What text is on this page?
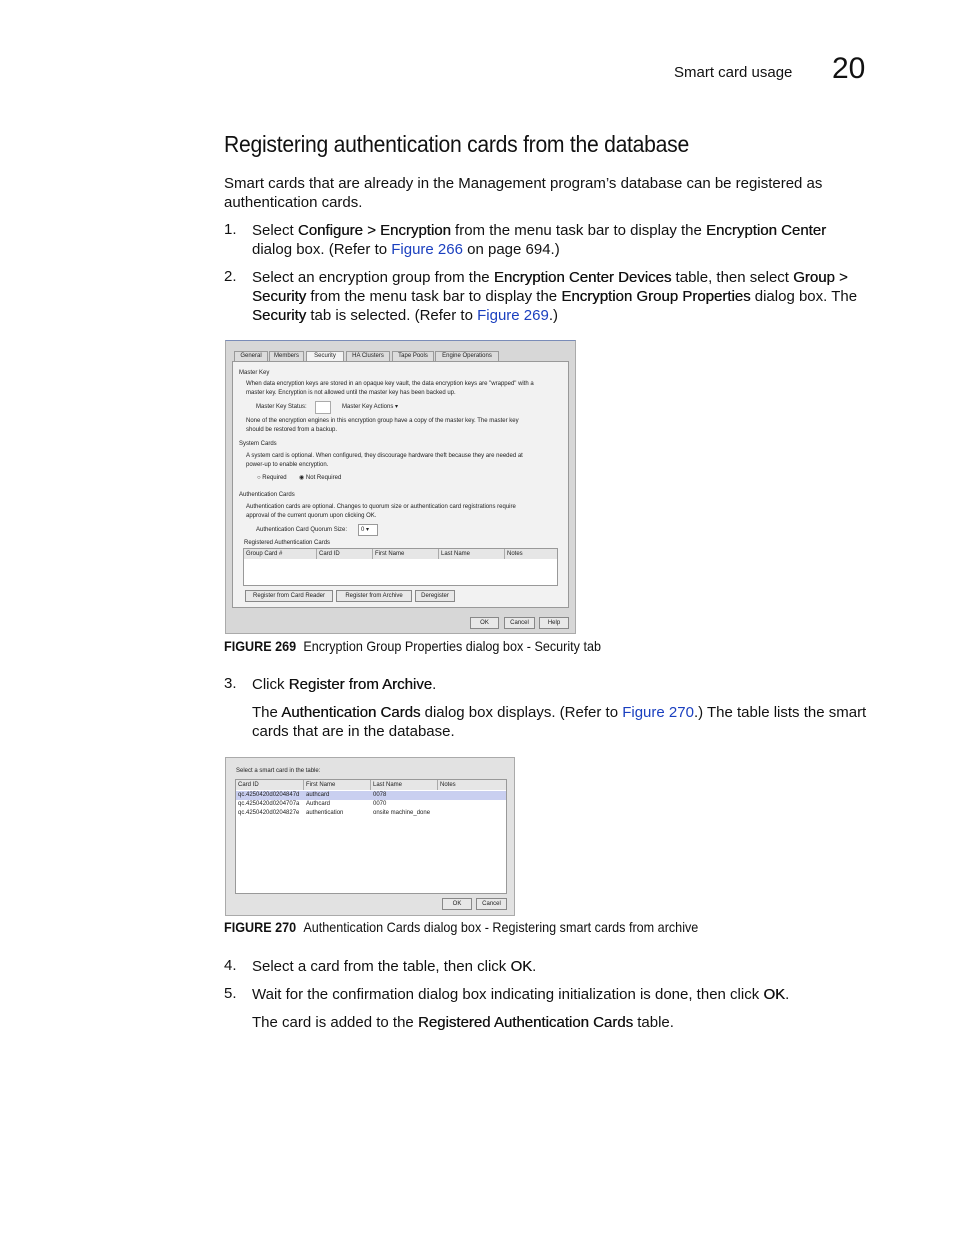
Smart card usage 20
Registering authentication cards from the database
Smart cards that are already in the Management program’s database can be registered as
authentication cards.
1. Select Configure > Encryption from the menu task bar to display the Encryption Center
dialog box. (Refer to Figure 266 on page 694.)
2. Select an encryption group from the Encryption Center Devices table, then select Group >
Security from the menu task bar to display the Encryption Group Properties dialog box. The
Security tab is selected. (Refer to Figure 269.)
General	Members	Security	HA Clusters	Tape Pools	Engine Operations
Master Key
When data encryption keys are stored in an opaque key vault, the data encryption keys are "wrapped" with a
master key. Encryption is not allowed until the master key has been backed up.
Master Key Status:	Master Key Actions ▾
None of the encryption engines in this encryption group have a copy of the master key. The master key
should be restored from a backup.
System Cards
A system card is optional. When configured, they discourage hardware theft because they are needed at
power-up to enable encryption.
○ Required ◉ Not Required
Authentication Cards
Authentication cards are optional. Changes to quorum size or authentication card registrations require
approval of the current quorum upon clicking OK.
Authentication Card Quorum Size:	0 ▾
Registered Authentication Cards
Group Card #	Card ID	First Name	Last Name	Notes
Register from Card Reader	Register from Archive	Deregister
OK	Cancel	Help
FIGURE 269 Encryption Group Properties dialog box - Security tab
3. Click Register from Archive.
The Authentication Cards dialog box displays. (Refer to Figure 270.) The table lists the smart
cards that are in the database.
Select a smart card in the table:
Card ID	First Name	Last Name	Notes
qc.4250420d0204847d	authcard	0078
qc.4250420d0204707a	Authcard	0070
qc.4250420d0204827e	authentication	onsite machine_done
OK	Cancel
FIGURE 270 Authentication Cards dialog box - Registering smart cards from archive
4. Select a card from the table, then click OK.
5. Wait for the confirmation dialog box indicating initialization is done, then click OK.
The card is added to the Registered Authentication Cards table.
